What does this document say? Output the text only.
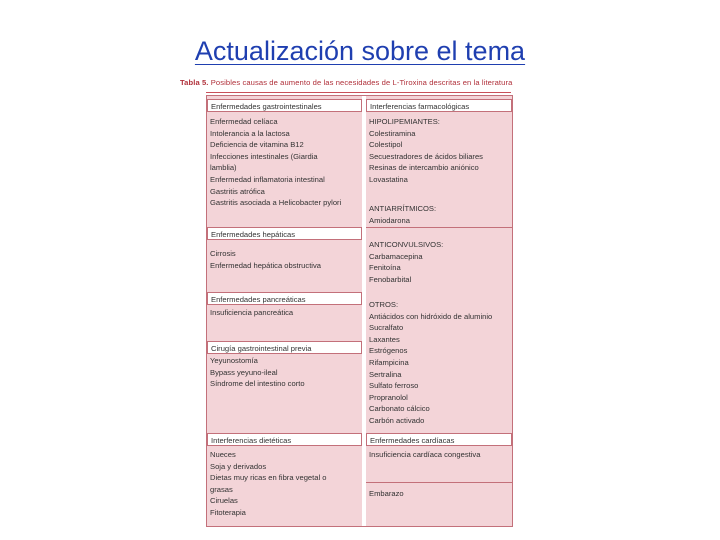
Actualización sobre el tema
Tabla 5. Posibles causas de aumento de las necesidades de L-Tiroxina descritas en la literatura
Enfermedades gastrointestinales
Enfermedad celíaca
Intolerancia a la lactosa
Deficiencia de vitamina B12
Infecciones intestinales (Giardia
lamblia)
Enfermedad inflamatoria intestinal
Gastritis atrófica
Gastritis asociada a Helicobacter pylori
Enfermedades hepáticas
Cirrosis
Enfermedad hepática obstructiva
Enfermedades pancreáticas
Insuficiencia pancreática
Cirugía gastrointestinal previa
Yeyunostomía
Bypass yeyuno-ileal
Síndrome del intestino corto
Interferencias dietéticas
Nueces
Soja y derivados
Dietas muy ricas en fibra vegetal o
grasas
Ciruelas
Fitoterapia
Interferencias farmacológicas
HIPOLIPEMIANTES:
Colestiramina
Colestipol
Secuestradores de ácidos biliares
Resinas de intercambio aniónico
Lovastatina
ANTIARRÍTMICOS:
Amiodarona
ANTICONVULSIVOS:
Carbamacepina
Fenitoína
Fenobarbital
OTROS:
Antiácidos con hidróxido de aluminio
Sucralfato
Laxantes
Estrógenos
Rifampicina
Sertralina
Sulfato ferroso
Propranolol
Carbonato cálcico
Carbón activado
Enfermedades cardíacas
Insuficiencia cardíaca congestiva
Embarazo
